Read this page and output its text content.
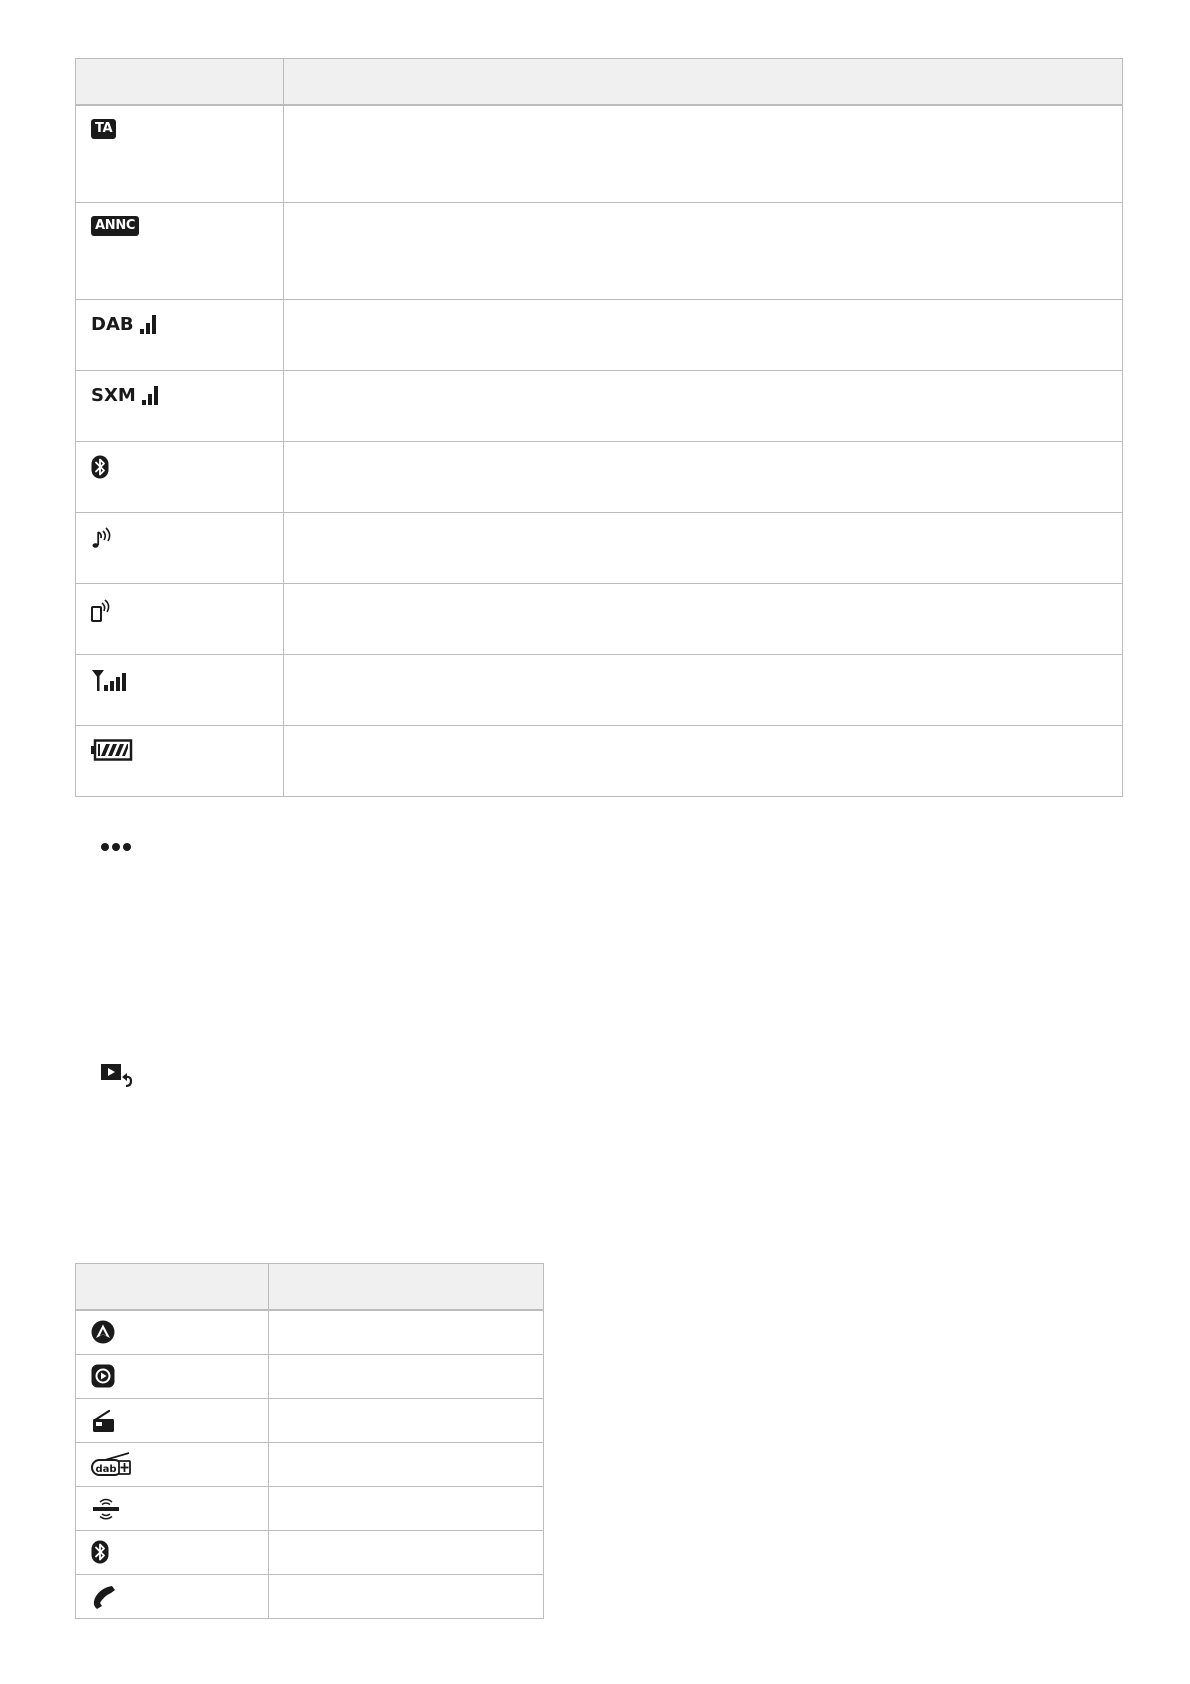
TA	
ANNC	
DAB	
SXM	

dab	
